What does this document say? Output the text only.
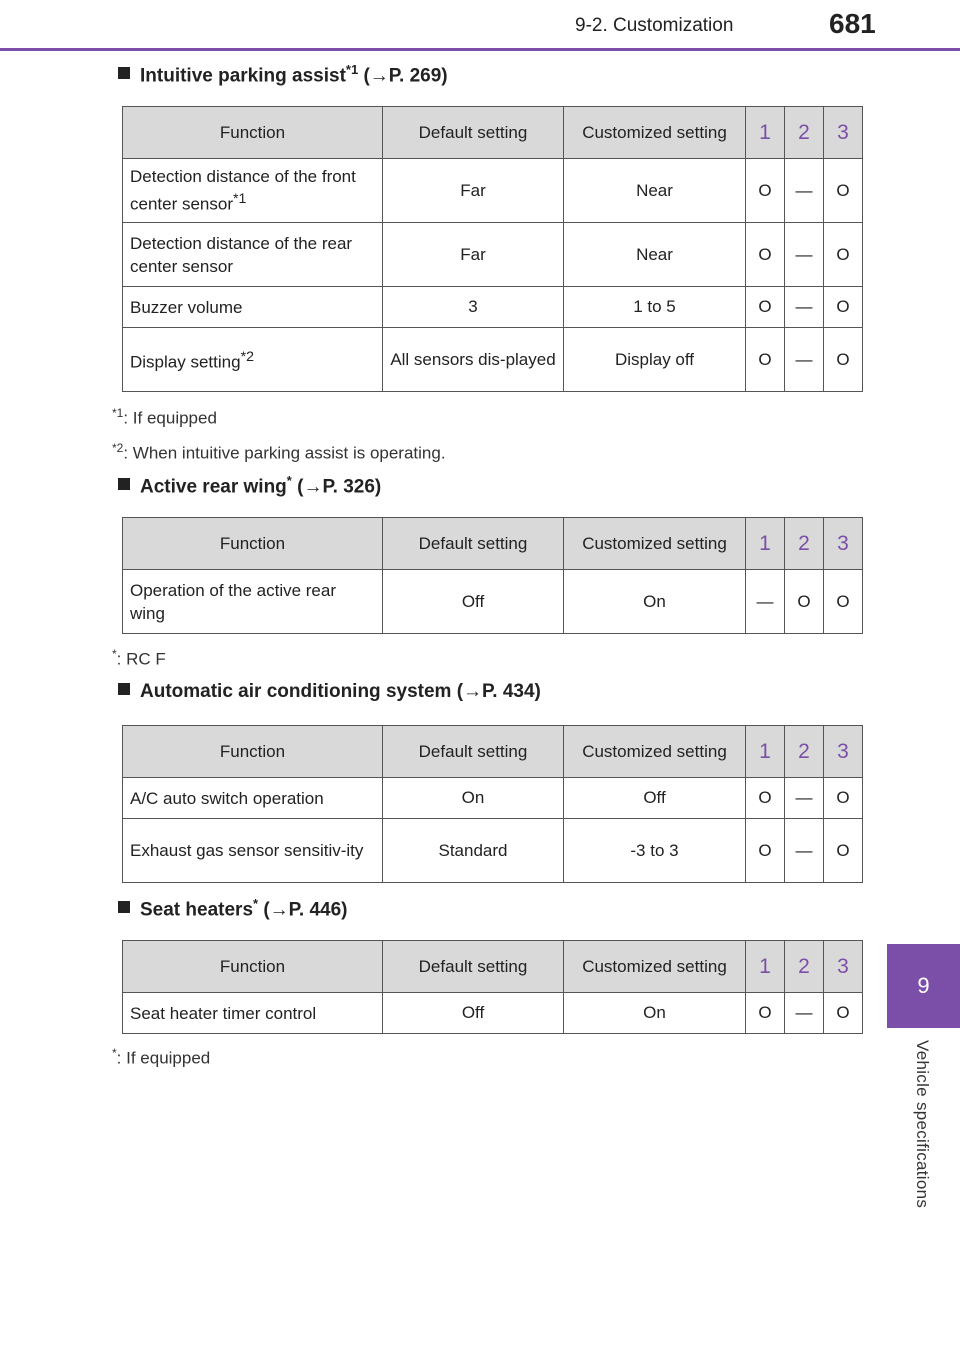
9-2. Customization	681
9
Vehicle specifications
Intuitive parking assist$^{*1}$ (→P. 269)
Function	Default setting	Customized setting	1	2	3
Detection distance of the front center sensor$^{*1}$	Far	Near	O	—	O
Detection distance of the rear center sensor	Far	Near	O	—	O
Buzzer volume	3	1 to 5	O	—	O
Display setting$^{*2}$	All sensors dis-played	Display off	O	—	O
$^{*1}$: If equipped
$^{*2}$: When intuitive parking assist is operating.
Active rear wing* (→P. 326)
Function	Default setting	Customized setting	1	2	3
Operation of the active rear wing	Off	On	—	O	O
*: RC F
Automatic air conditioning system (→P. 434)
Function	Default setting	Customized setting	1	2	3
A/C auto switch operation	On	Off	O	—	O
Exhaust gas sensor sensitiv-ity	Standard	-3 to 3	O	—	O
Seat heaters* (→P. 446)
Function	Default setting	Customized setting	1	2	3
Seat heater timer control	Off	On	O	—	O
*: If equipped
